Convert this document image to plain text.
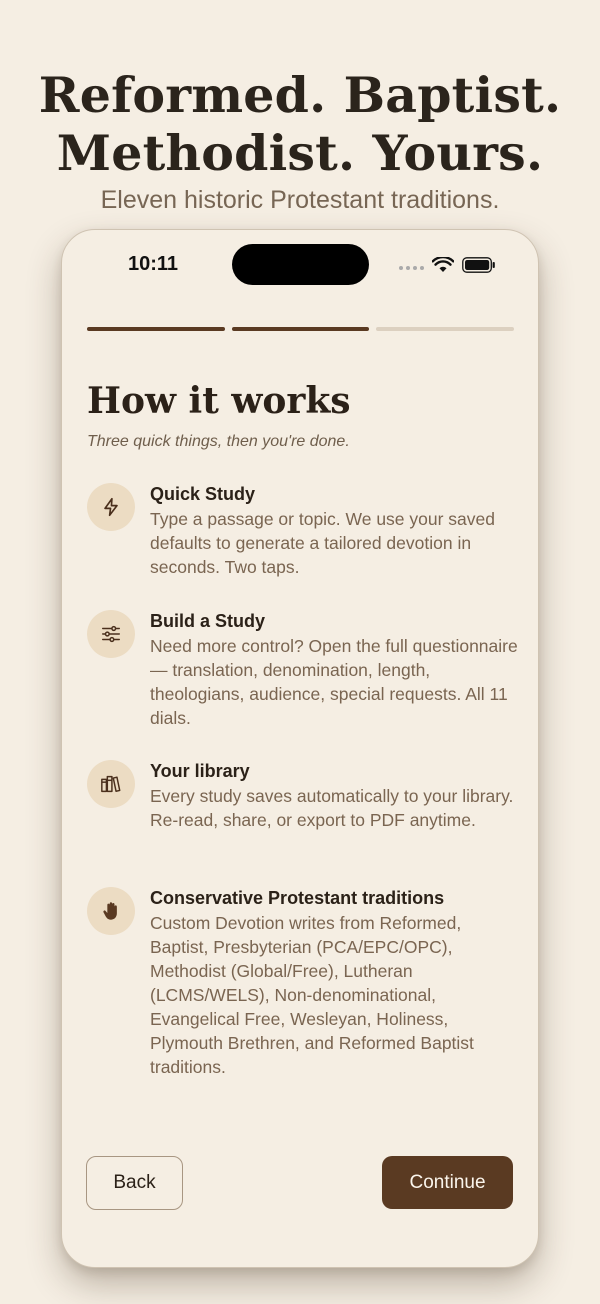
Reformed. Baptist.
Methodist. Yours.
Eleven historic Protestant traditions.
10:11
How it works
Three quick things, then you're done.
Quick Study
Type a passage or topic. We use your saved defaults to generate a tailored devotion in seconds. Two taps.
Build a Study
Need more control? Open the full questionnaire — translation, denomination, length, theologians, audience, special requests. All 11 dials.
Your library
Every study saves automatically to your library. Re-read, share, or export to PDF anytime.
Conservative Protestant traditions
Custom Devotion writes from Reformed, Baptist, Presbyterian (PCA/EPC/OPC), Methodist (Global/Free), Lutheran (LCMS/WELS), Non-denominational, Evangelical Free, Wesleyan, Holiness, Plymouth Brethren, and Reformed Baptist traditions.
Back	Continue
